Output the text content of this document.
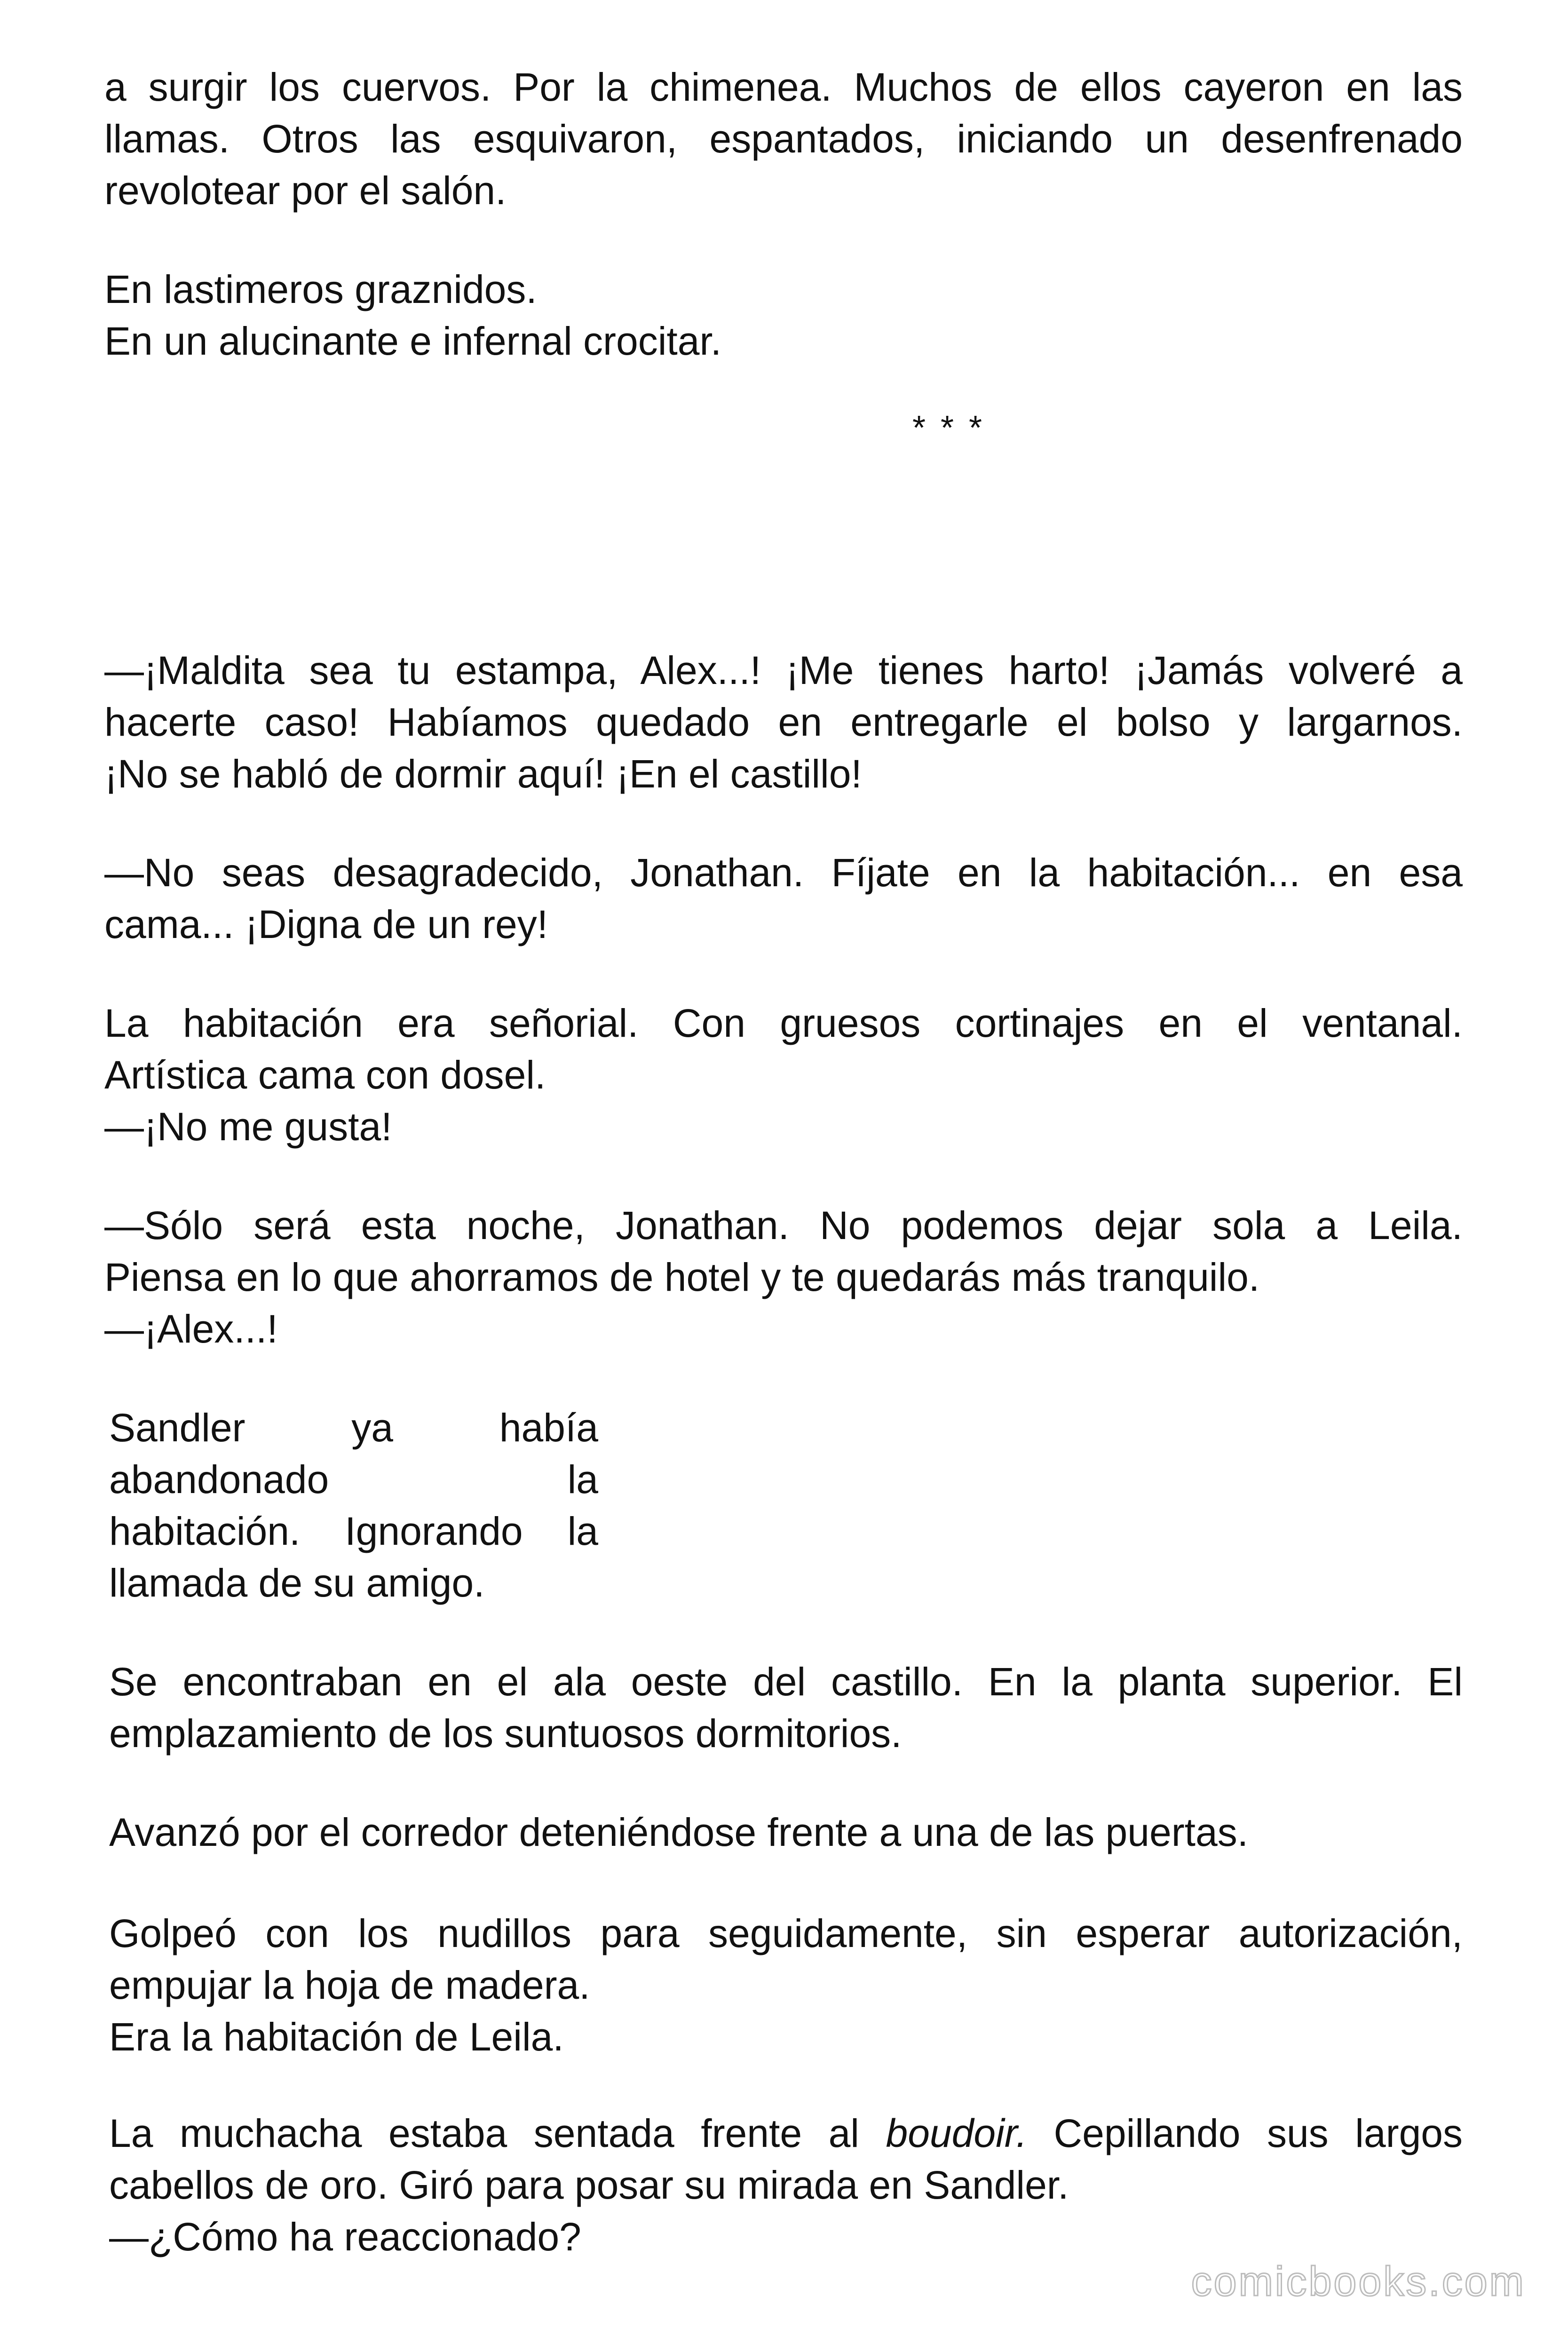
a surgir los cuervos. Por la chimenea. Muchos de ellos cayeron en las
llamas. Otros las esquivaron, espantados, iniciando un desenfrenado
revolotear por el salón.

En lastimeros graznidos.
En un alucinante e infernal crocitar.

* * *

—¡Maldita sea tu estampa, Alex...! ¡Me tienes harto! ¡Jamás volveré a
hacerte caso! Habíamos quedado en entregarle el bolso y largarnos.
¡No se habló de dormir aquí! ¡En el castillo!

—No seas desagradecido, Jonathan. Fíjate en la habitación... en esa
cama... ¡Digna de un rey!

La habitación era señorial. Con gruesos cortinajes en el ventanal.
Artística cama con dosel.
—¡No me gusta!

—Sólo será esta noche, Jonathan. No podemos dejar sola a Leila.
Piensa en lo que ahorramos de hotel y te quedarás más tranquilo.
—¡Alex...!

Sandler ya había
abandonado la
habitación. Ignorando la
llamada de su amigo.

Se encontraban en el ala oeste del castillo. En la planta superior. El
emplazamiento de los suntuosos dormitorios.

Avanzó por el corredor deteniéndose frente a una de las puertas.

Golpeó con los nudillos para seguidamente, sin esperar autorización,
empujar la hoja de madera.
Era la habitación de Leila.

La muchacha estaba sentada frente al boudoir. Cepillando sus largos
cabellos de oro. Giró para posar su mirada en Sandler.
—¿Cómo ha reaccionado?

comicbooks.com
